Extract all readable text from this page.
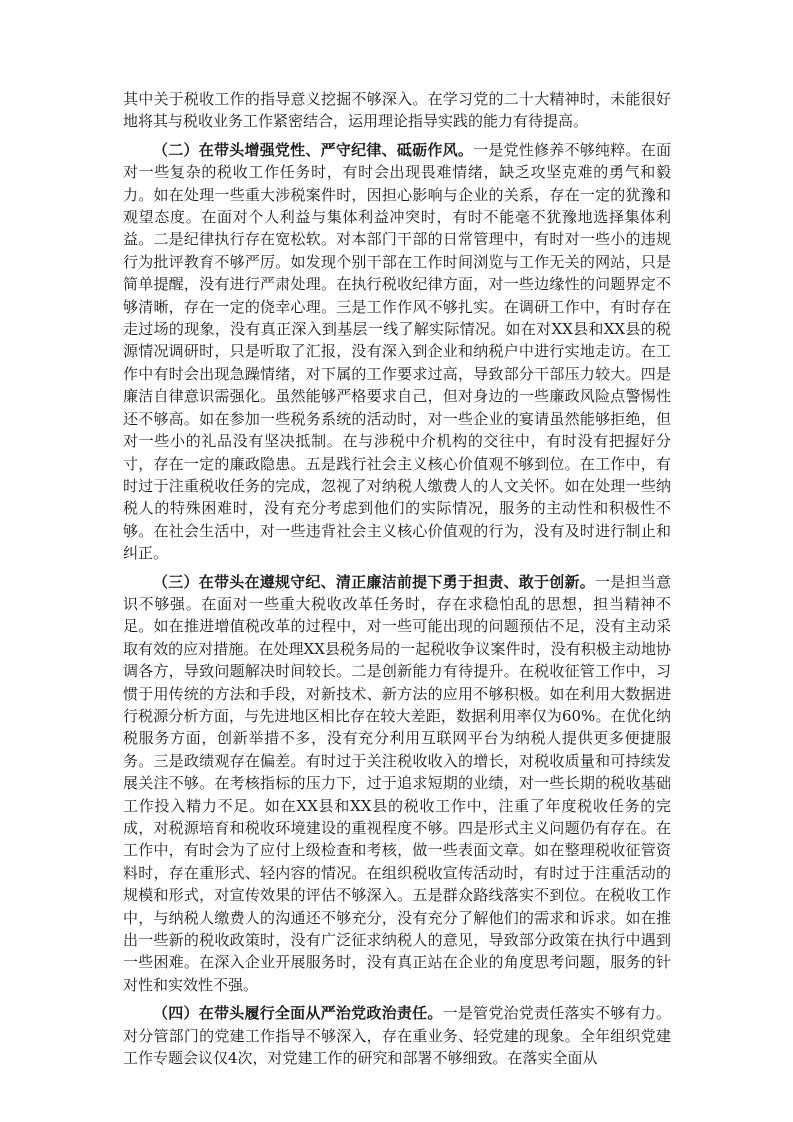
其中关于税收工作的指导意义挖掘不够深入。在学习党的二十大精神时，未能很好地将其与税收业务工作紧密结合，运用理论指导实践的能力有待提高。

（二）在带头增强党性、严守纪律、砥砺作风。一是党性修养不够纯粹。在面对一些复杂的税收工作任务时，有时会出现畏难情绪，缺乏攻坚克难的勇气和毅力。如在处理一些重大涉税案件时，因担心影响与企业的关系，存在一定的犹豫和观望态度。在面对个人利益与集体利益冲突时，有时不能毫不犹豫地选择集体利益。二是纪律执行存在宽松软。对本部门干部的日常管理中，有时对一些小的违规行为批评教育不够严厉。如发现个别干部在工作时间浏览与工作无关的网站，只是简单提醒，没有进行严肃处理。在执行税收纪律方面，对一些边缘性的问题界定不够清晰，存在一定的侥幸心理。三是工作作风不够扎实。在调研工作中，有时存在走过场的现象，没有真正深入到基层一线了解实际情况。如在对XX县和XX县的税源情况调研时，只是听取了汇报，没有深入到企业和纳税户中进行实地走访。在工作中有时会出现急躁情绪，对下属的工作要求过高，导致部分干部压力较大。四是廉洁自律意识需强化。虽然能够严格要求自己，但对身边的一些廉政风险点警惕性还不够高。如在参加一些税务系统的活动时，对一些企业的宴请虽然能够拒绝，但对一些小的礼品没有坚决抵制。在与涉税中介机构的交往中，有时没有把握好分寸，存在一定的廉政隐患。五是践行社会主义核心价值观不够到位。在工作中，有时过于注重税收任务的完成，忽视了对纳税人缴费人的人文关怀。如在处理一些纳税人的特殊困难时，没有充分考虑到他们的实际情况，服务的主动性和积极性不够。在社会生活中，对一些违背社会主义核心价值观的行为，没有及时进行制止和纠正。

（三）在带头在遵规守纪、清正廉洁前提下勇于担责、敢于创新。一是担当意识不够强。在面对一些重大税收改革任务时，存在求稳怕乱的思想，担当精神不足。如在推进增值税改革的过程中，对一些可能出现的问题预估不足，没有主动采取有效的应对措施。在处理XX县税务局的一起税收争议案件时，没有积极主动地协调各方，导致问题解决时间较长。二是创新能力有待提升。在税收征管工作中，习惯于用传统的方法和手段，对新技术、新方法的应用不够积极。如在利用大数据进行税源分析方面，与先进地区相比存在较大差距，数据利用率仅为60%。在优化纳税服务方面，创新举措不多，没有充分利用互联网平台为纳税人提供更多便捷服务。三是政绩观存在偏差。有时过于关注税收收入的增长，对税收质量和可持续发展关注不够。在考核指标的压力下，过于追求短期的业绩，对一些长期的税收基础工作投入精力不足。如在XX县和XX县的税收工作中，注重了年度税收任务的完成，对税源培育和税收环境建设的重视程度不够。四是形式主义问题仍有存在。在工作中，有时会为了应付上级检查和考核，做一些表面文章。如在整理税收征管资料时，存在重形式、轻内容的情况。在组织税收宣传活动时，有时过于注重活动的规模和形式，对宣传效果的评估不够深入。五是群众路线落实不到位。在税收工作中，与纳税人缴费人的沟通还不够充分，没有充分了解他们的需求和诉求。如在推出一些新的税收政策时，没有广泛征求纳税人的意见，导致部分政策在执行中遇到一些困难。在深入企业开展服务时，没有真正站在企业的角度思考问题，服务的针对性和实效性不强。

（四）在带头履行全面从严治党政治责任。一是管党治党责任落实不够有力。对分管部门的党建工作指导不够深入，存在重业务、轻党建的现象。全年组织党建工作专题会议仅4次，对党建工作的研究和部署不够细致。在落实全面从
